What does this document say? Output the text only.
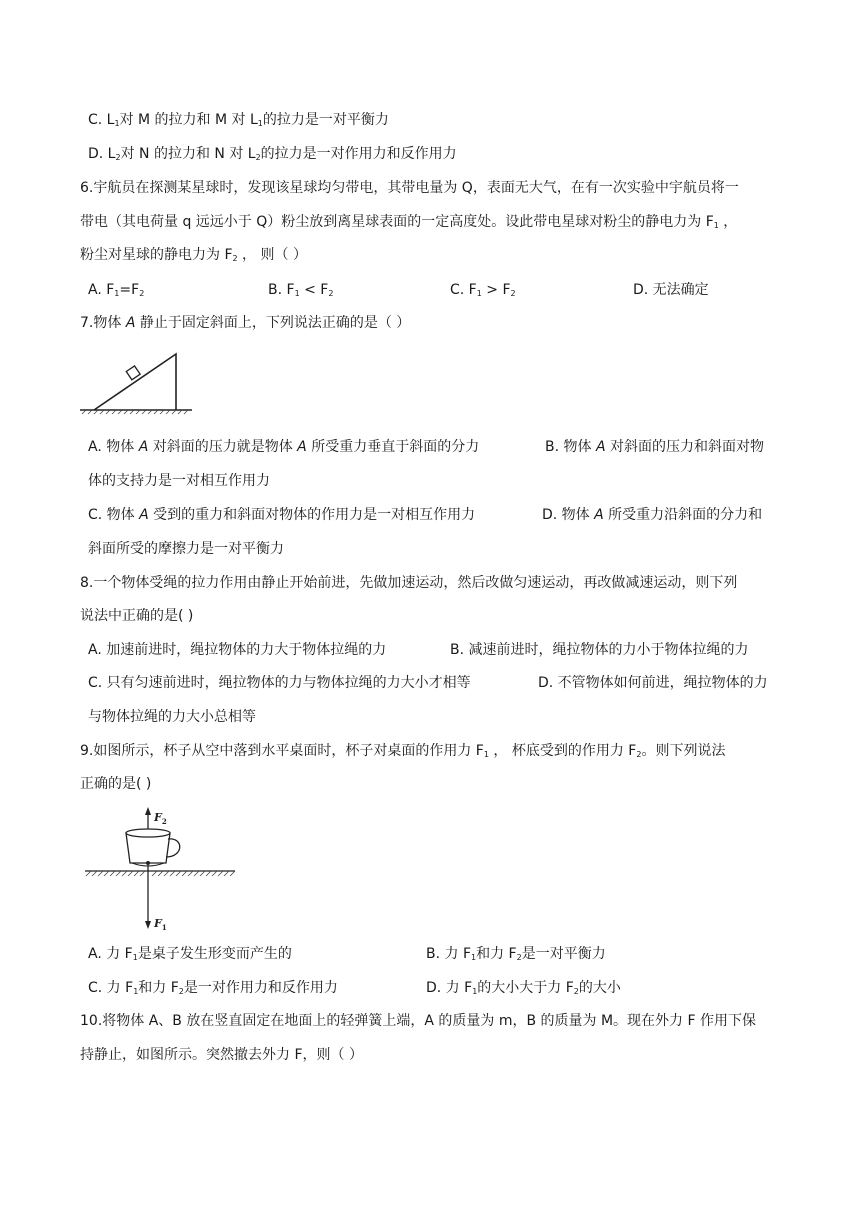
C. $L_1$对 M 的拉力和 M 对 $L_1$的拉力是一对平衡力
D. $L_2$对 N 的拉力和 N 对 $L_2$的拉力是一对作用力和反作用力
6.宇航员在探测某星球时，发现该星球均匀带电，其带电量为 Q，表面无大气，在有一次实验中宇航员将一
带电（其电荷量 q 远远小于 Q）粉尘放到离星球表面的一定高度处。设此带电星球对粉尘的静电力为 $F_1$ ，
粉尘对星球的静电力为 $F_2$ ， 则（ ）
A. $F_1=F_2$	B. $F_1 < F_2$	C. $F_1 > F_2$	D. 无法确定
7.物体 A 静止于固定斜面上，下列说法正确的是（ ）
A. 物体 A 对斜面的压力就是物体 A 所受重力垂直于斜面的分力	B. 物体 A 对斜面的压力和斜面对物
体的支持力是一对相互作用力
C. 物体 A 受到的重力和斜面对物体的作用力是一对相互作用力	D. 物体 A 所受重力沿斜面的分力和
斜面所受的摩擦力是一对平衡力
8.一个物体受绳的拉力作用由静止开始前进，先做加速运动，然后改做匀速运动，再改做减速运动，则下列
说法中正确的是( )
A. 加速前进时，绳拉物体的力大于物体拉绳的力	B. 减速前进时，绳拉物体的力小于物体拉绳的力
C. 只有匀速前进时，绳拉物体的力与物体拉绳的力大小才相等	D. 不管物体如何前进，绳拉物体的力
与物体拉绳的力大小总相等
9.如图所示，杯子从空中落到水平桌面时，杯子对桌面的作用力 $F_1$ ， 杯底受到的作用力 $F_2$。则下列说法
正确的是( )
$F_2$
$F_1$
A. 力 $F_1$是桌子发生形变而产生的	B. 力 $F_1$和力 $F_2$是一对平衡力
C. 力 $F_1$和力 $F_2$是一对作用力和反作用力	D. 力 $F_1$的大小大于力 $F_2$的大小
10.将物体 A、B 放在竖直固定在地面上的轻弹簧上端，A 的质量为 m，B 的质量为 M。现在外力 F 作用下保
持静止，如图所示。突然撤去外力 F，则（ ）
